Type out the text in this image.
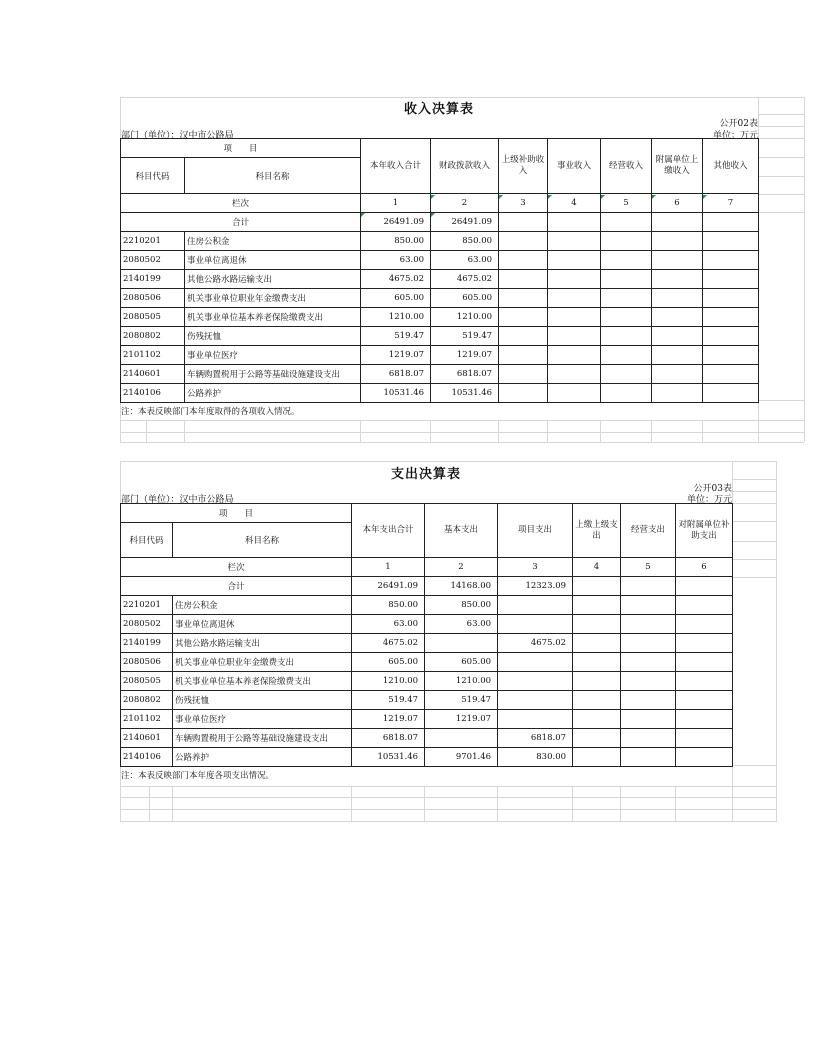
收入决算表
公开02表
部门（单位）：汉中市公路局	单位：万元
项　　目		本年收入合计	财政拨款收入	上级补助收入	事业收入	经营收入	附属单位上缴收入	其他收入
科目代码	科目名称							
栏次		1	2	3	4	5	6	7
合计		26491.09	26491.09					
2210201	住房公积金	850.00	850.00					
2080502	事业单位离退休	63.00	63.00					
2140199	其他公路水路运输支出	4675.02	4675.02					
2080506	机关事业单位职业年金缴费支出	605.00	605.00					
2080505	机关事业单位基本养老保险缴费支出	1210.00	1210.00					
2080802	伤残抚恤	519.47	519.47					
2101102	事业单位医疗	1219.07	1219.07					
2140601	车辆购置税用于公路等基础设施建设支出	6818.07	6818.07					
2140106	公路养护	10531.46	10531.46					
注：本表反映部门本年度取得的各项收入情况。
支出决算表
公开03表
部门（单位）：汉中市公路局	单位：万元
项　　目		本年支出合计	基本支出	项目支出	上缴上级支出	经营支出	对附属单位补助支出
科目代码	科目名称						
栏次		1	2	3	4	5	6
合计		26491.09	14168.00	12323.09			
2210201	住房公积金	850.00	850.00				
2080502	事业单位离退休	63.00	63.00				
2140199	其他公路水路运输支出	4675.02		4675.02			
2080506	机关事业单位职业年金缴费支出	605.00	605.00				
2080505	机关事业单位基本养老保险缴费支出	1210.00	1210.00				
2080802	伤残抚恤	519.47	519.47				
2101102	事业单位医疗	1219.07	1219.07				
2140601	车辆购置税用于公路等基础设施建设支出	6818.07		6818.07			
2140106	公路养护	10531.46	9701.46	830.00			
注：本表反映部门本年度各项支出情况。
